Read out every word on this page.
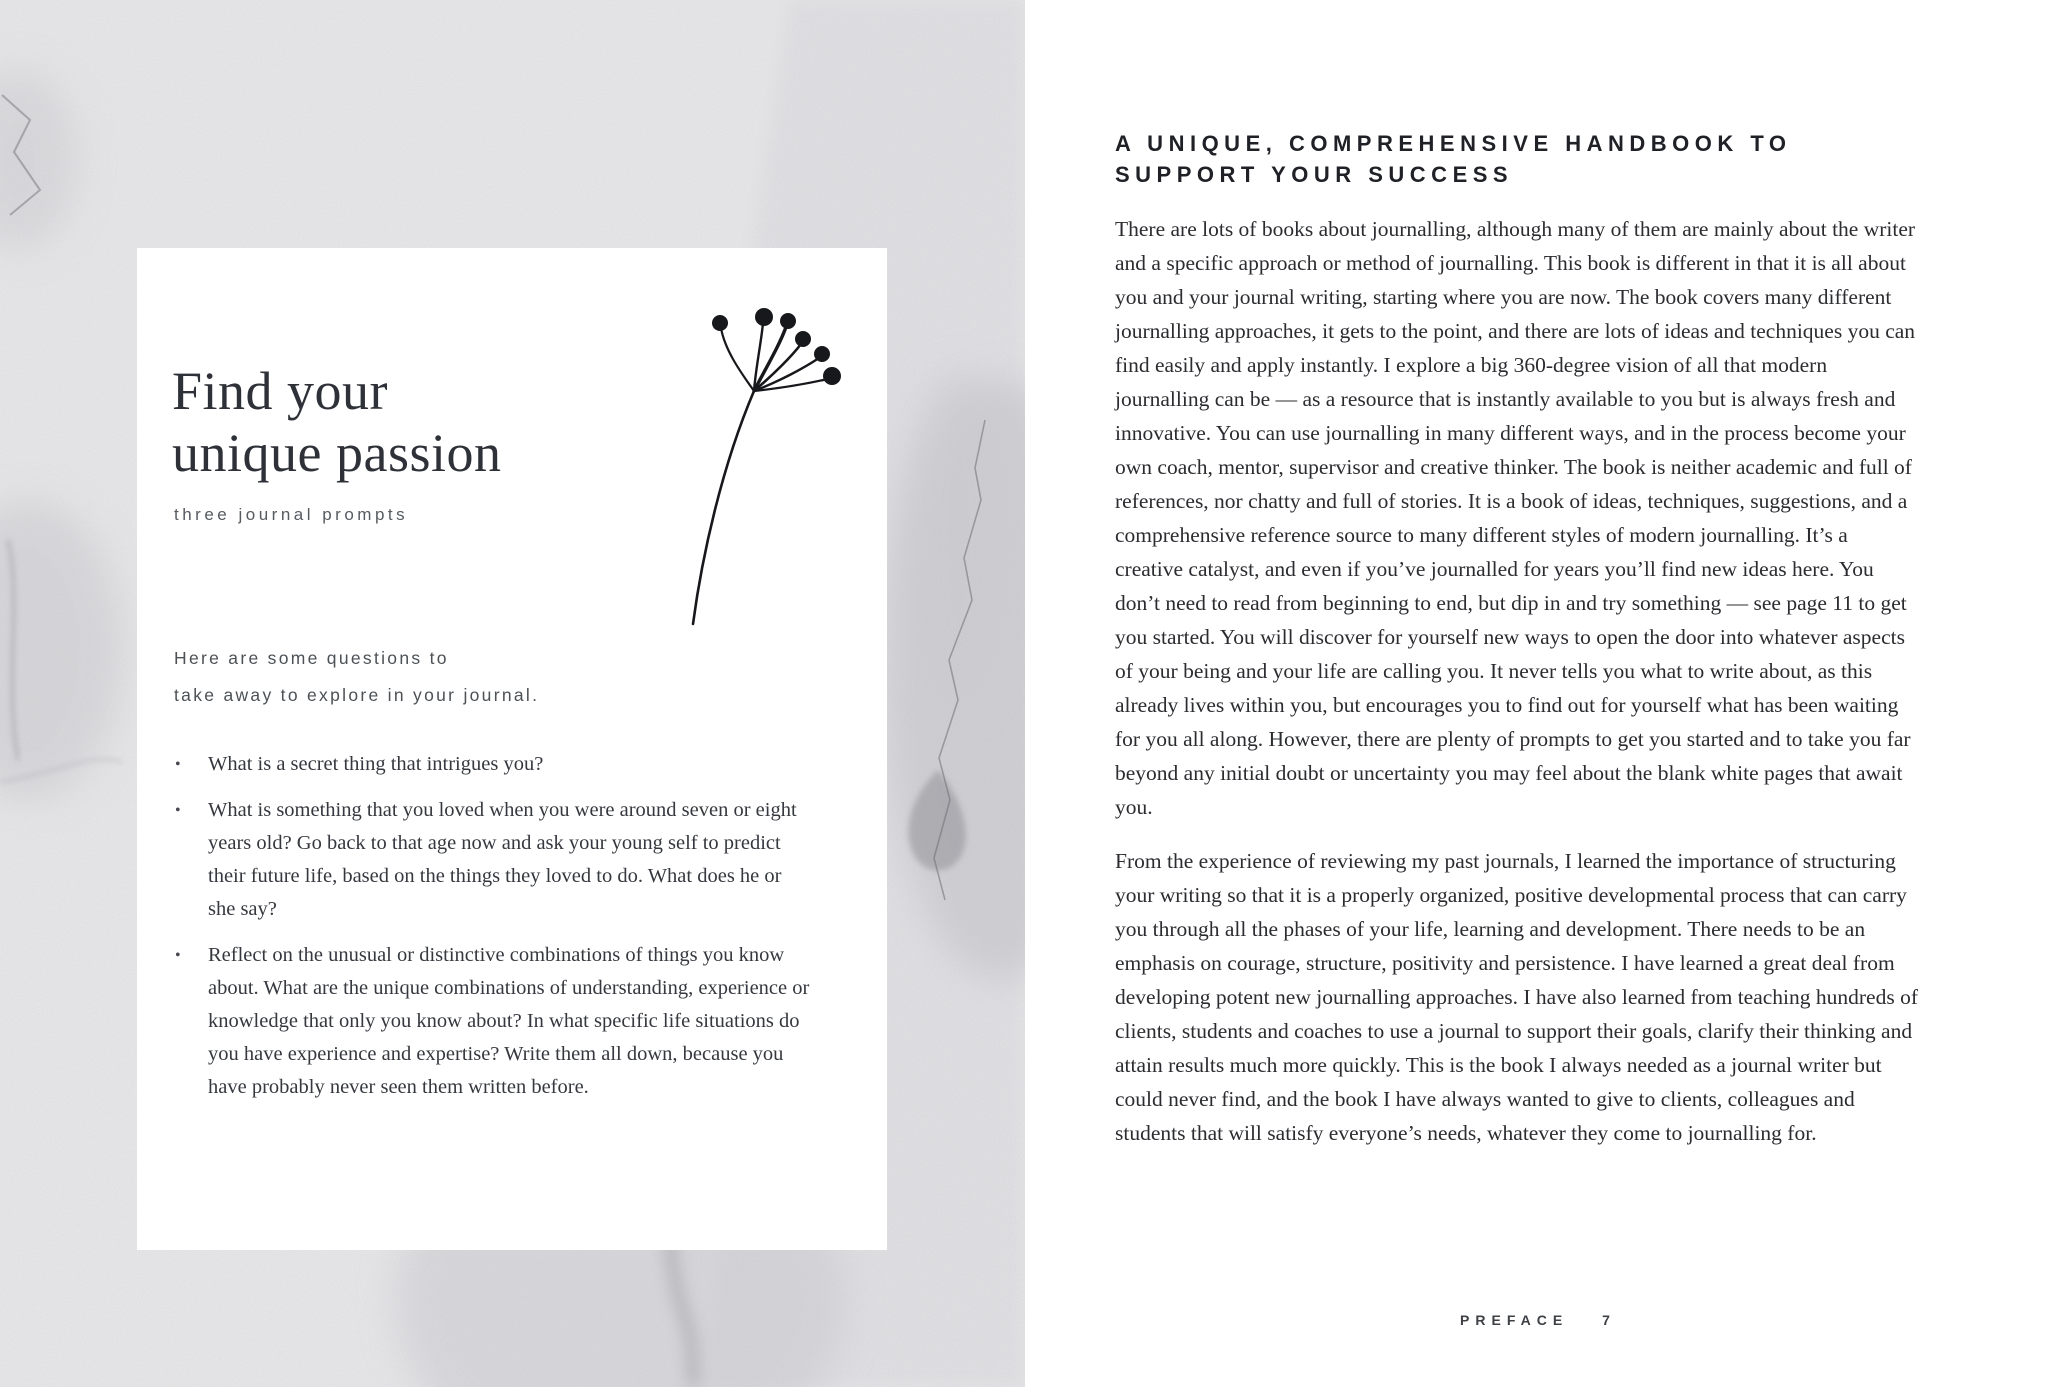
Find your
unique passion
three journal prompts
Here are some questions to
take away to explore in your journal.
• What is a secret thing that intrigues you?
• What is something that you loved when you were around seven or eight years old? Go back to that age now and ask your young self to predict their future life, based on the things they loved to do. What does he or she say?
• Reflect on the unusual or distinctive combinations of things you know about. What are the unique combinations of understanding, experience or knowledge that only you know about? In what specific life situations do you have experience and expertise? Write them all down, because you have probably never seen them written before.
A UNIQUE, COMPREHENSIVE HANDBOOK TO
SUPPORT YOUR SUCCESS

There are lots of books about journalling, although many of them are mainly about the writer and a specific approach or method of journalling. This book is different in that it is all about you and your journal writing, starting where you are now. The book covers many different journalling approaches, it gets to the point, and there are lots of ideas and techniques you can find easily and apply instantly. I explore a big 360-degree vision of all that modern journalling can be — as a resource that is instantly available to you but is always fresh and innovative. You can use journalling in many different ways, and in the process become your own coach, mentor, supervisor and creative thinker. The book is neither academic and full of references, nor chatty and full of stories. It is a book of ideas, techniques, suggestions, and a comprehensive reference source to many different styles of modern journalling. It’s a creative catalyst, and even if you’ve journalled for years you’ll find new ideas here. You don’t need to read from beginning to end, but dip in and try something — see page 11 to get you started. You will discover for yourself new ways to open the door into whatever aspects of your being and your life are calling you. It never tells you what to write about, as this already lives within you, but encourages you to find out for yourself what has been waiting for you all along. However, there are plenty of prompts to get you started and to take you far beyond any initial doubt or uncertainty you may feel about the blank white pages that await you.

From the experience of reviewing my past journals, I learned the importance of structuring your writing so that it is a properly organized, positive developmental process that can carry you through all the phases of your life, learning and development. There needs to be an emphasis on courage, structure, positivity and persistence. I have learned a great deal from developing potent new journalling approaches. I have also learned from teaching hundreds of clients, students and coaches to use a journal to support their goals, clarify their thinking and attain results much more quickly. This is the book I always needed as a journal writer but could never find, and the book I have always wanted to give to clients, colleagues and students that will satisfy everyone’s needs, whatever they come to journalling for.

PREFACE 7
